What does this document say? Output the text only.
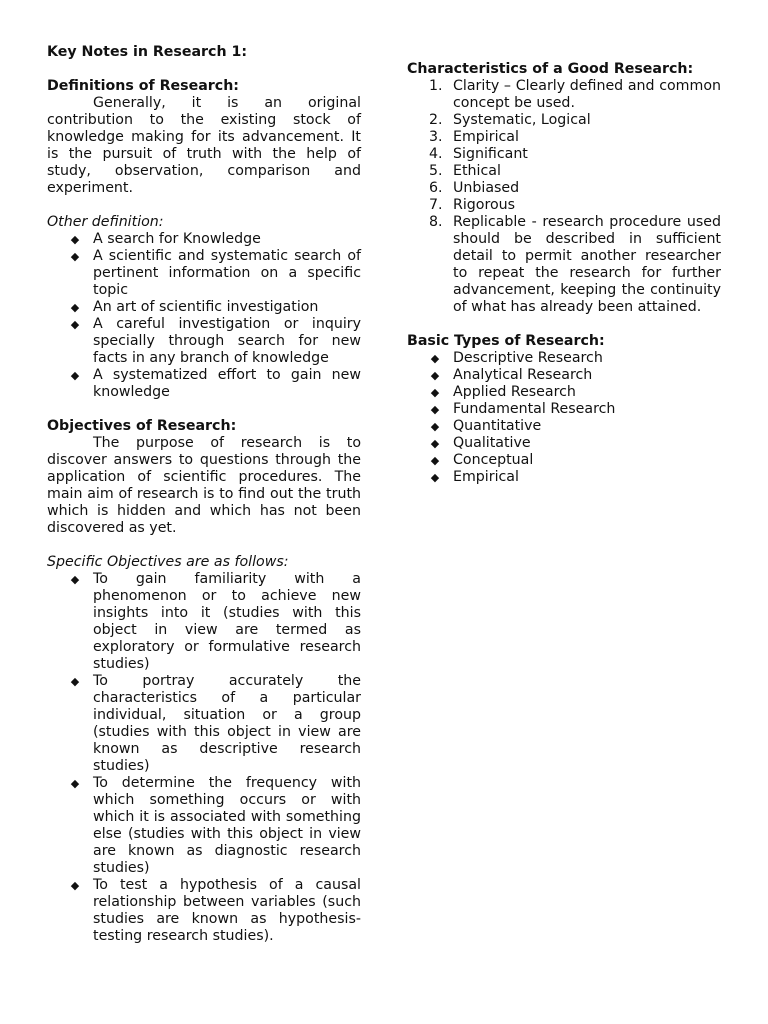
Key Notes in Research 1:

Definitions of Research:

Generally, it is an original contribution to the existing stock of knowledge making for its advancement. It is the pursuit of truth with the help of study, observation, comparison and experiment.

Other definition:

◆ A search for Knowledge
◆ A scientific and systematic search of pertinent information on a specific topic
◆ An art of scientific investigation
◆ A careful investigation or inquiry specially through search for new facts in any branch of knowledge
◆ A systematized effort to gain new knowledge

Objectives of Research:

The purpose of research is to discover answers to questions through the application of scientific procedures. The main aim of research is to find out the truth which is hidden and which has not been discovered as yet.

Specific Objectives are as follows:

◆ To gain familiarity with a phenomenon or to achieve new insights into it (studies with this object in view are termed as exploratory or formulative research studies)
◆ To portray accurately the characteristics of a particular individual, situation or a group (studies with this object in view are known as descriptive research studies)
◆ To determine the frequency with which something occurs or with which it is associated with something else (studies with this object in view are known as diagnostic research studies)
◆ To test a hypothesis of a causal relationship between variables (such studies are known as hypothesis-testing research studies).

Characteristics of a Good Research:

1. Clarity – Clearly defined and common concept be used.
2. Systematic, Logical
3. Empirical
4. Significant
5. Ethical
6. Unbiased
7. Rigorous
8. Replicable - research procedure used should be described in sufficient detail to permit another researcher to repeat the research for further advancement, keeping the continuity of what has already been attained.

Basic Types of Research:

◆ Descriptive Research
◆ Analytical Research
◆ Applied Research
◆ Fundamental Research
◆ Quantitative
◆ Qualitative
◆ Conceptual
◆ Empirical
